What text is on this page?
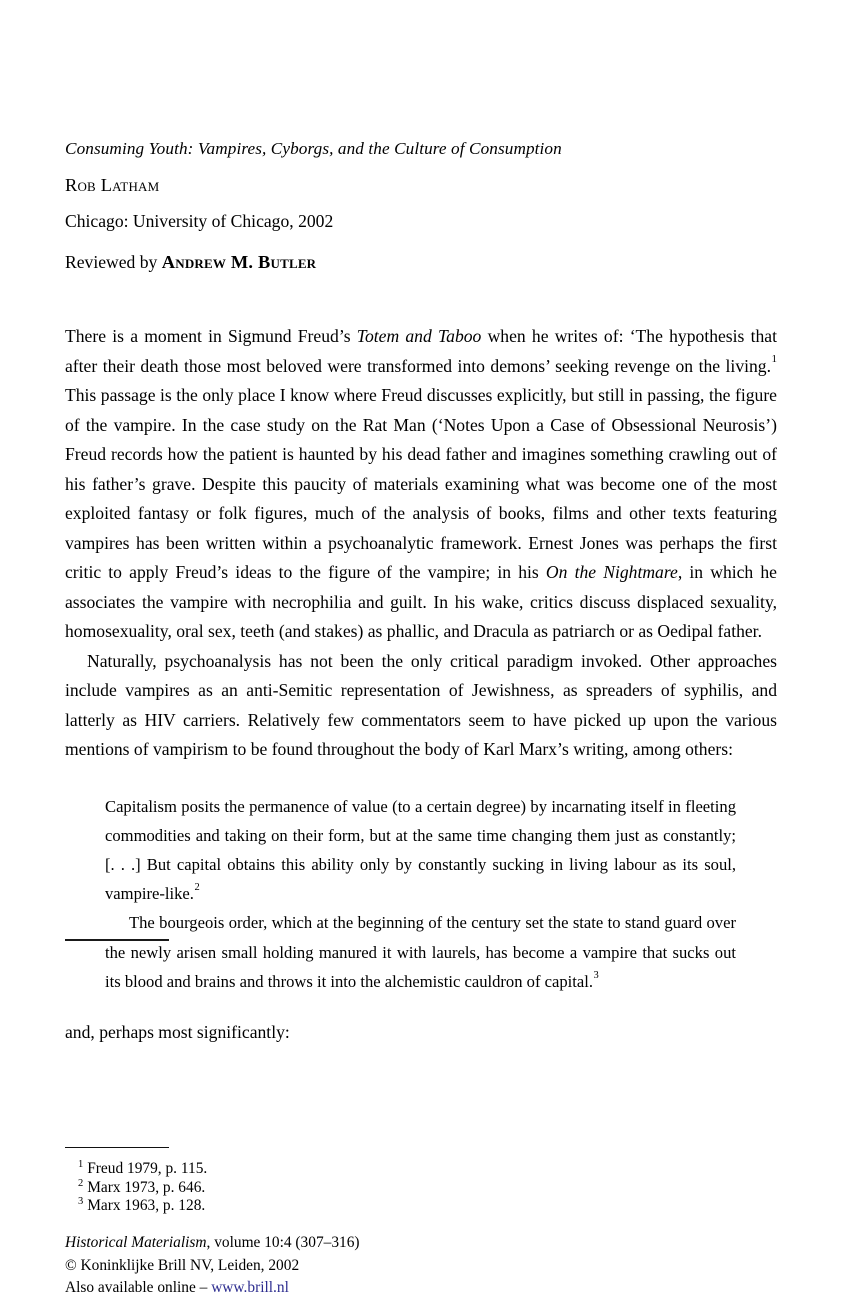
Consuming Youth: Vampires, Cyborgs, and the Culture of Consumption
Rob Latham
Chicago: University of Chicago, 2002
Reviewed by Andrew M. Butler

There is a moment in Sigmund Freud’s Totem and Taboo when he writes of: ‘The hypothesis that after their death those most beloved were transformed into demons’ seeking revenge on the living.$^1$ This passage is the only place I know where Freud discusses explicitly, but still in passing, the figure of the vampire. In the case study on the Rat Man (‘Notes Upon a Case of Obsessional Neurosis’) Freud records how the patient is haunted by his dead father and imagines something crawling out of his father’s grave. Despite this paucity of materials examining what was become one of the most exploited fantasy or folk figures, much of the analysis of books, films and other texts featuring vampires has been written within a psychoanalytic framework. Ernest Jones was perhaps the first critic to apply Freud’s ideas to the figure of the vampire; in his On the Nightmare, in which he associates the vampire with necrophilia and guilt. In his wake, critics discuss displaced sexuality, homosexuality, oral sex, teeth (and stakes) as phallic, and Dracula as patriarch or as Oedipal father.

Naturally, psychoanalysis has not been the only critical paradigm invoked. Other approaches include vampires as an anti-Semitic representation of Jewishness, as spreaders of syphilis, and latterly as HIV carriers. Relatively few commentators seem to have picked up upon the various mentions of vampirism to be found throughout the body of Karl Marx’s writing, among others:

Capitalism posits the permanence of value (to a certain degree) by incarnating itself in fleeting commodities and taking on their form, but at the same time changing them just as constantly; [. . .] But capital obtains this ability only by constantly sucking in living labour as its soul, vampire-like.$^2$

The bourgeois order, which at the beginning of the century set the state to stand guard over the newly arisen small holding manured it with laurels, has become a vampire that sucks out its blood and brains and throws it into the alchemistic cauldron of capital.$^3$

and, perhaps most significantly:

$^1$ Freud 1979, p. 115.

$^2$ Marx 1973, p. 646.

$^3$ Marx 1963, p. 128.

Historical Materialism, volume 10:4 (307–316)

© Koninklijke Brill NV, Leiden, 2002

Also available online – www.brill.nl
